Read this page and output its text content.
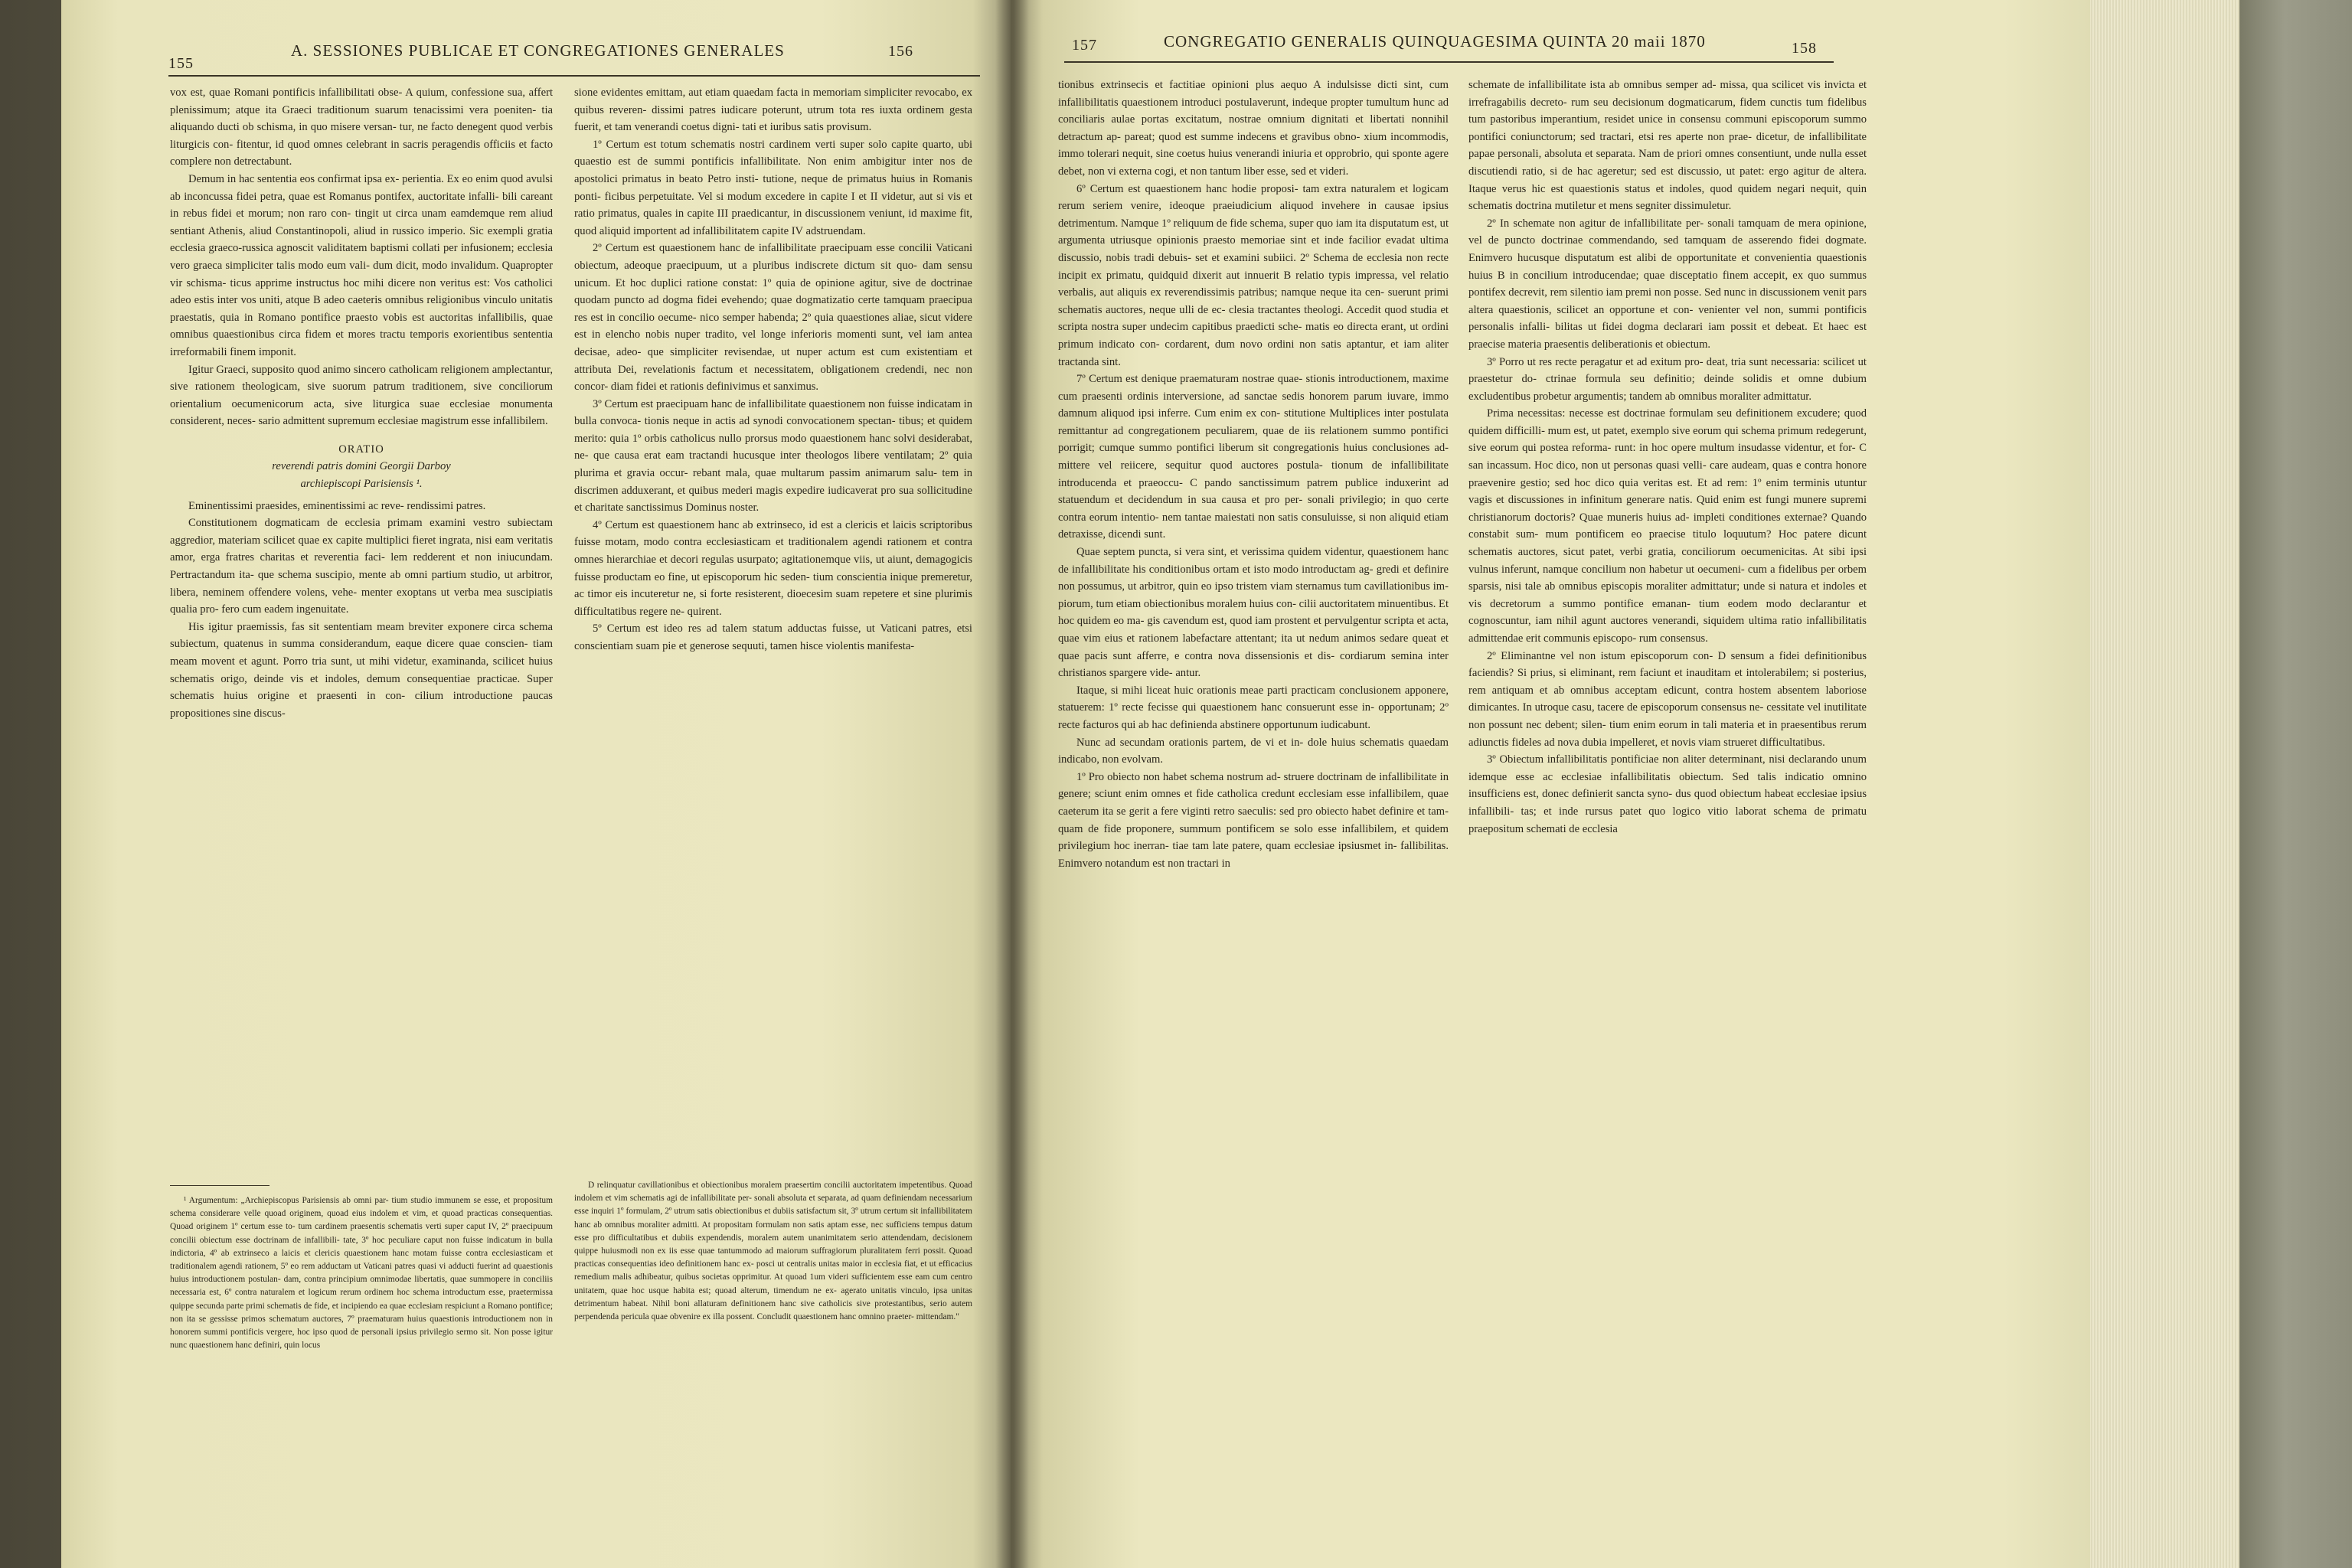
155
A. SESSIONES PUBLICAE ET CONGREGATIONES GENERALES	156

vox est, quae Romani pontificis infallibilitati obse- A quium, confessione sua, affert plenissimum; atque ita Graeci traditionum suarum tenacissimi vera poeniten- tia aliquando ducti ob schisma, in quo misere versan- tur, ne facto denegent quod verbis liturgicis con- fitentur, id quod omnes celebrant in sacris peragendis officiis et facto complere non detrectabunt.

Demum in hac sententia eos confirmat ipsa ex- perientia. Ex eo enim quod avulsi ab inconcussa fidei petra, quae est Romanus pontifex, auctoritate infalli- bili careant in rebus fidei et morum; non raro con- tingit ut circa unam eamdemque rem aliud sentiant Athenis, aliud Constantinopoli, aliud in russico imperio. Sic exempli gratia ecclesia graeco-russica agnoscit validitatem baptismi collati per infusionem; ecclesia vero graeca simpliciter talis modo eum vali- dum dicit, modo invalidum. Quapropter vir schisma- ticus apprime instructus hoc mihi dicere non veritus est: Vos catholici adeo estis inter vos uniti, atque B adeo caeteris omnibus religionibus vinculo unitatis praestatis, quia in Romano pontifice praesto vobis est auctoritas infallibilis, quae omnibus quaestionibus circa fidem et mores tractu temporis exorientibus sententia irreformabili finem imponit.

Igitur Graeci, supposito quod animo sincero catholicam religionem amplectantur, sive rationem theologicam, sive suorum patrum traditionem, sive conciliorum orientalium oecumenicorum acta, sive liturgica suae ecclesiae monumenta considerent, neces- sario admittent supremum ecclesiae magistrum esse infallibilem.

ORATIO

reverendi patris domini Georgii Darboy

archiepiscopi Parisiensis ¹.

Eminentissimi praesides, eminentissimi ac reve- rendissimi patres.

Constitutionem dogmaticam de ecclesia primam examini vestro subiectam aggredior, materiam scilicet quae ex capite multiplici fieret ingrata, nisi eam veritatis amor, erga fratres charitas et reverentia faci- lem redderent et non iniucundam. Pertractandum ita- que schema suscipio, mente ab omni partium studio, ut arbitror, libera, neminem offendere volens, vehe- menter exoptans ut verba mea suscipiatis qualia pro- fero cum eadem ingenuitate.

His igitur praemissis, fas sit sententiam meam breviter exponere circa schema subiectum, quatenus in summa considerandum, eaque dicere quae conscien- tiam meam movent et agunt. Porro tria sunt, ut mihi videtur, examinanda, scilicet huius schematis origo, deinde vis et indoles, demum consequentiae practicae. Super schematis huius origine et praesenti in con- cilium introductione paucas propositiones sine discus-

sione evidentes emittam, aut etiam quaedam facta in memoriam simpliciter revocabo, ex quibus reveren- dissimi patres iudicare poterunt, utrum tota res iuxta ordinem gesta fuerit, et tam venerandi coetus digni- tati et iuribus satis provisum.

1º Certum est totum schematis nostri cardinem verti super solo capite quarto, ubi quaestio est de summi pontificis infallibilitate. Non enim ambigitur inter nos de apostolici primatus in beato Petro insti- tutione, neque de primatus huius in Romanis ponti- ficibus perpetuitate. Vel si modum excedere in capite I et II videtur, aut si vis et ratio primatus, quales in capite III praedicantur, in discussionem veniunt, id maxime fit, quod aliquid importent ad infallibilitatem capite IV adstruendam.

2º Certum est quaestionem hanc de infallibilitate praecipuam esse concilii Vaticani obiectum, adeoque praecipuum, ut a pluribus indiscrete dictum sit quo- dam sensu unicum. Et hoc duplici ratione constat: 1º quia de opinione agitur, sive de doctrinae quodam puncto ad dogma fidei evehendo; quae dogmatizatio certe tamquam praecipua res est in concilio oecume- nico semper habenda; 2º quia quaestiones aliae, sicut videre est in elencho nobis nuper tradito, vel longe inferioris momenti sunt, vel iam antea decisae, adeo- que simpliciter revisendae, ut nuper actum est cum existentiam et attributa Dei, revelationis factum et necessitatem, obligationem credendi, nec non concor- diam fidei et rationis definivimus et sanximus.

3º Certum est praecipuam hanc de infallibilitate quaestionem non fuisse indicatam in bulla convoca- tionis neque in actis ad synodi convocationem spectan- tibus; et quidem merito: quia 1º orbis catholicus nullo prorsus modo quaestionem hanc solvi desiderabat, ne- que causa erat eam tractandi hucusque inter theologos libere ventilatam; 2º quia plurima et gravia occur- rebant mala, quae multarum passim animarum salu- tem in discrimen adduxerant, et quibus mederi magis expedire iudicaverat pro sua sollicitudine et charitate sanctissimus Dominus noster.

4º Certum est quaestionem hanc ab extrinseco, id est a clericis et laicis scriptoribus fuisse motam, modo contra ecclesiasticam et traditionalem agendi rationem et contra omnes hierarchiae et decori regulas usurpato; agitationemque viis, ut aiunt, demagogicis fuisse productam eo fine, ut episcoporum hic seden- tium conscientia inique premeretur, ac timor eis incuteretur ne, si forte resisterent, dioecesim suam repetere et sine plurimis difficultatibus regere ne- quirent.

5º Certum est ideo res ad talem statum adductas fuisse, ut Vaticani patres, etsi conscientiam suam pie et generose sequuti, tamen hisce violentis manifesta-

¹ Argumentum: „Archiepiscopus Parisiensis ab omni par- tium studio immunem se esse, et propositum schema considerare velle quoad originem, quoad eius indolem et vim, et quoad practicas consequentias. Quoad originem 1º certum esse to- tum cardinem praesentis schematis verti super caput IV, 2º praecipuum concilii obiectum esse doctrinam de infallibili- tate, 3º hoc peculiare caput non fuisse indicatum in bulla indictoria, 4º ab extrinseco a laicis et clericis quaestionem hanc motam fuisse contra ecclesiasticam et traditionalem agendi rationem, 5º eo rem adductam ut Vaticani patres quasi vi adducti fuerint ad quaestionis huius introductionem postulan- dam, contra principium omnimodae libertatis, quae summopere in conciliis necessaria est, 6º contra naturalem et logicum rerum ordinem hoc schema introductum esse, praetermissa quippe secunda parte primi schematis de fide, et incipiendo ea quae ecclesiam respiciunt a Romano pontifice; non ita se gessisse primos schematum auctores, 7º praematuram huius quaestionis introductionem non in honorem summi pontificis vergere, hoc ipso quod de personali ipsius privilegio sermo sit. Non posse igitur nunc quaestionem hanc definiri, quin locus

D relinquatur cavillationibus et obiectionibus moralem praesertim concilii auctoritatem impetentibus. Quoad indolem et vim schematis agi de infallibilitate per- sonali absoluta et separata, ad quam definiendam necessarium esse inquiri 1º formulam, 2º utrum satis obiectionibus et dubiis satisfactum sit, 3º utrum certum sit infallibilitatem hanc ab omnibus moraliter admitti. At propositam formulam non satis aptam esse, nec sufficiens tempus datum esse pro difficultatibus et dubiis expendendis, moralem autem unanimitatem serio attendendam, decisionem quippe huiusmodi non ex iis esse quae tantummodo ad maiorum suffragiorum pluralitatem ferri possit. Quoad practicas consequentias ideo definitionem hanc ex- posci ut centralis unitas maior in ecclesia fiat, et ut efficacius remedium malis adhibeatur, quibus societas opprimitur. At quoad 1um videri sufficientem esse eam cum centro unitatem, quae hoc usque habita est; quoad alterum, timendum ne ex- agerato unitatis vinculo, ipsa unitas detrimentum habeat. Nihil boni allaturam definitionem hanc sive catholicis sive protestantibus, serio autem perpendenda pericula quae obvenire ex illa possent. Concludit quaestionem hanc omnino praeter- mittendam."

157	CONGREGATIO GENERALIS QUINQUAGESIMA QUINTA 20 maii 1870	158

tionibus extrinsecis et factitiae opinioni plus aequo A indulsisse dicti sint, cum infallibilitatis quaestionem introduci postulaverunt, indeque propter tumultum hunc ad conciliaris aulae portas excitatum, nostrae omnium dignitati et libertati nonnihil detractum ap- pareat; quod est summe indecens et gravibus obno- xium incommodis, immo tolerari nequit, sine coetus huius venerandi iniuria et opprobrio, qui sponte agere debet, non vi externa cogi, et non tantum liber esse, sed et videri.

6º Certum est quaestionem hanc hodie proposi- tam extra naturalem et logicam rerum seriem venire, ideoque praeiudicium aliquod invehere in causae ipsius detrimentum. Namque 1º reliquum de fide schema, super quo iam ita disputatum est, ut argumenta utriusque opinionis praesto memoriae sint et inde facilior evadat ultima discussio, nobis tradi debuis- set et examini subiici. 2º Schema de ecclesia non recte incipit ex primatu, quidquid dixerit aut innuerit B relatio typis impressa, vel relatio verbalis, aut aliquis ex reverendissimis patribus; namque neque ita cen- suerunt primi schematis auctores, neque ulli de ec- clesia tractantes theologi. Accedit quod studia et scripta nostra super undecim capitibus praedicti sche- matis eo directa erant, ut ordini primum indicato con- cordarent, dum novo ordini non satis aptantur, et iam aliter tractanda sint.

7º Certum est denique praematuram nostrae quae- stionis introductionem, maxime cum praesenti ordinis interversione, ad sanctae sedis honorem parum iuvare, immo damnum aliquod ipsi inferre. Cum enim ex con- stitutione Multiplices inter postulata remittantur ad congregationem peculiarem, quae de iis relationem summo pontifici porrigit; cumque summo pontifici liberum sit congregationis huius conclusiones ad- mittere vel reiicere, sequitur quod auctores postula- tionum de infallibilitate introducenda et praeoccu- C pando sanctissimum patrem publice induxerint ad statuendum et decidendum in sua causa et pro per- sonali privilegio; in quo certe contra eorum intentio- nem tantae maiestati non satis consuluisse, si non aliquid etiam detraxisse, dicendi sunt.

Quae septem puncta, si vera sint, et verissima quidem videntur, quaestionem hanc de infallibilitate his conditionibus ortam et isto modo introductam ag- gredi et definire non possumus, ut arbitror, quin eo ipso tristem viam sternamus tum cavillationibus im- piorum, tum etiam obiectionibus moralem huius con- cilii auctoritatem minuentibus. Et hoc quidem eo ma- gis cavendum est, quod iam prostent et pervulgentur scripta et acta, quae vim eius et rationem labefactare attentant; ita ut nedum animos sedare queat et quae pacis sunt afferre, e contra nova dissensionis et dis- cordiarum semina inter christianos spargere vide- antur.

Itaque, si mihi liceat huic orationis meae parti practicam conclusionem apponere, statuerem: 1º recte fecisse qui quaestionem hanc consuerunt esse in- opportunam; 2º recte facturos qui ab hac definienda abstinere opportunum iudicabunt.

Nunc ad secundam orationis partem, de vi et in- dole huius schematis quaedam indicabo, non evolvam.

1º Pro obiecto non habet schema nostrum ad- struere doctrinam de infallibilitate in genere; sciunt enim omnes et fide catholica credunt ecclesiam esse infallibilem, quae caeterum ita se gerit a fere viginti retro saeculis: sed pro obiecto habet definire et tam- quam de fide proponere, summum pontificem se solo esse infallibilem, et quidem privilegium hoc inerran- tiae tam late patere, quam ecclesiae ipsiusmet in- fallibilitas. Enimvero notandum est non tractari in

schemate de infallibilitate ista ab omnibus semper ad- missa, qua scilicet vis invicta et irrefragabilis decreto- rum seu decisionum dogmaticarum, fidem cunctis tum fidelibus tum pastoribus imperantium, residet unice in consensu communi episcoporum summo pontifici coniunctorum; sed tractari, etsi res aperte non prae- dicetur, de infallibilitate papae personali, absoluta et separata. Nam de priori omnes consentiunt, unde nulla esset discutiendi ratio, si de hac ageretur; sed est discussio, ut patet: ergo agitur de altera. Itaque verus hic est quaestionis status et indoles, quod quidem negari nequit, quin schematis doctrina mutiletur et mens segniter dissimuletur.

2º In schemate non agitur de infallibilitate per- sonali tamquam de mera opinione, vel de puncto doctrinae commendando, sed tamquam de asserendo fidei dogmate. Enimvero hucusque disputatum est alibi de opportunitate et convenientia quaestionis huius B in concilium introducendae; quae disceptatio finem accepit, ex quo summus pontifex decrevit, rem silentio iam premi non posse. Sed nunc in discussionem venit pars altera quaestionis, scilicet an opportune et con- venienter vel non, summi pontificis personalis infalli- bilitas ut fidei dogma declarari iam possit et debeat. Et haec est praecise materia praesentis deliberationis et obiectum.

3º Porro ut res recte peragatur et ad exitum pro- deat, tria sunt necessaria: scilicet ut praestetur do- ctrinae formula seu definitio; deinde solidis et omne dubium excludentibus probetur argumentis; tandem ab omnibus moraliter admittatur.

Prima necessitas: necesse est doctrinae formulam seu definitionem excudere; quod quidem difficilli- mum est, ut patet, exemplo sive eorum qui schema primum redegerunt, sive eorum qui postea reforma- runt: in hoc opere multum insudasse videntur, et for- C san incassum. Hoc dico, non ut personas quasi velli- care audeam, quas e contra honore praevenire gestio; sed hoc dico quia veritas est. Et ad rem: 1º enim terminis utuntur vagis et discussiones in infinitum generare natis. Quid enim est fungi munere supremi christianorum doctoris? Quae muneris huius ad- impleti conditiones externae? Quando constabit sum- mum pontificem eo praecise titulo loquutum? Hoc patere dicunt schematis auctores, sicut patet, verbi gratia, conciliorum oecumenicitas. At sibi ipsi vulnus inferunt, namque concilium non habetur ut oecumeni- cum a fidelibus per orbem sparsis, nisi tale ab omnibus episcopis moraliter admittatur; unde si natura et indoles et vis decretorum a summo pontifice emanan- tium eodem modo declarantur et cognoscuntur, iam nihil agunt auctores venerandi, siquidem ultima ratio infallibilitatis admittendae erit communis episcopo- rum consensus.

2º Eliminantne vel non istum episcoporum con- D sensum a fidei definitionibus faciendis? Si prius, si eliminant, rem faciunt et inauditam et intolerabilem; si posterius, rem antiquam et ab omnibus acceptam edicunt, contra hostem absentem laboriose dimicantes. In utroque casu, tacere de episcoporum consensus ne- cessitate vel inutilitate non possunt nec debent; silen- tium enim eorum in tali materia et in praesentibus rerum adiunctis fideles ad nova dubia impelleret, et novis viam strueret difficultatibus.

3º Obiectum infallibilitatis pontificiae non aliter determinant, nisi declarando unum idemque esse ac ecclesiae infallibilitatis obiectum. Sed talis indicatio omnino insufficiens est, donec definierit sancta syno- dus quod obiectum habeat ecclesiae ipsius infallibili- tas; et inde rursus patet quo logico vitio laborat schema de primatu praepositum schemati de ecclesia
